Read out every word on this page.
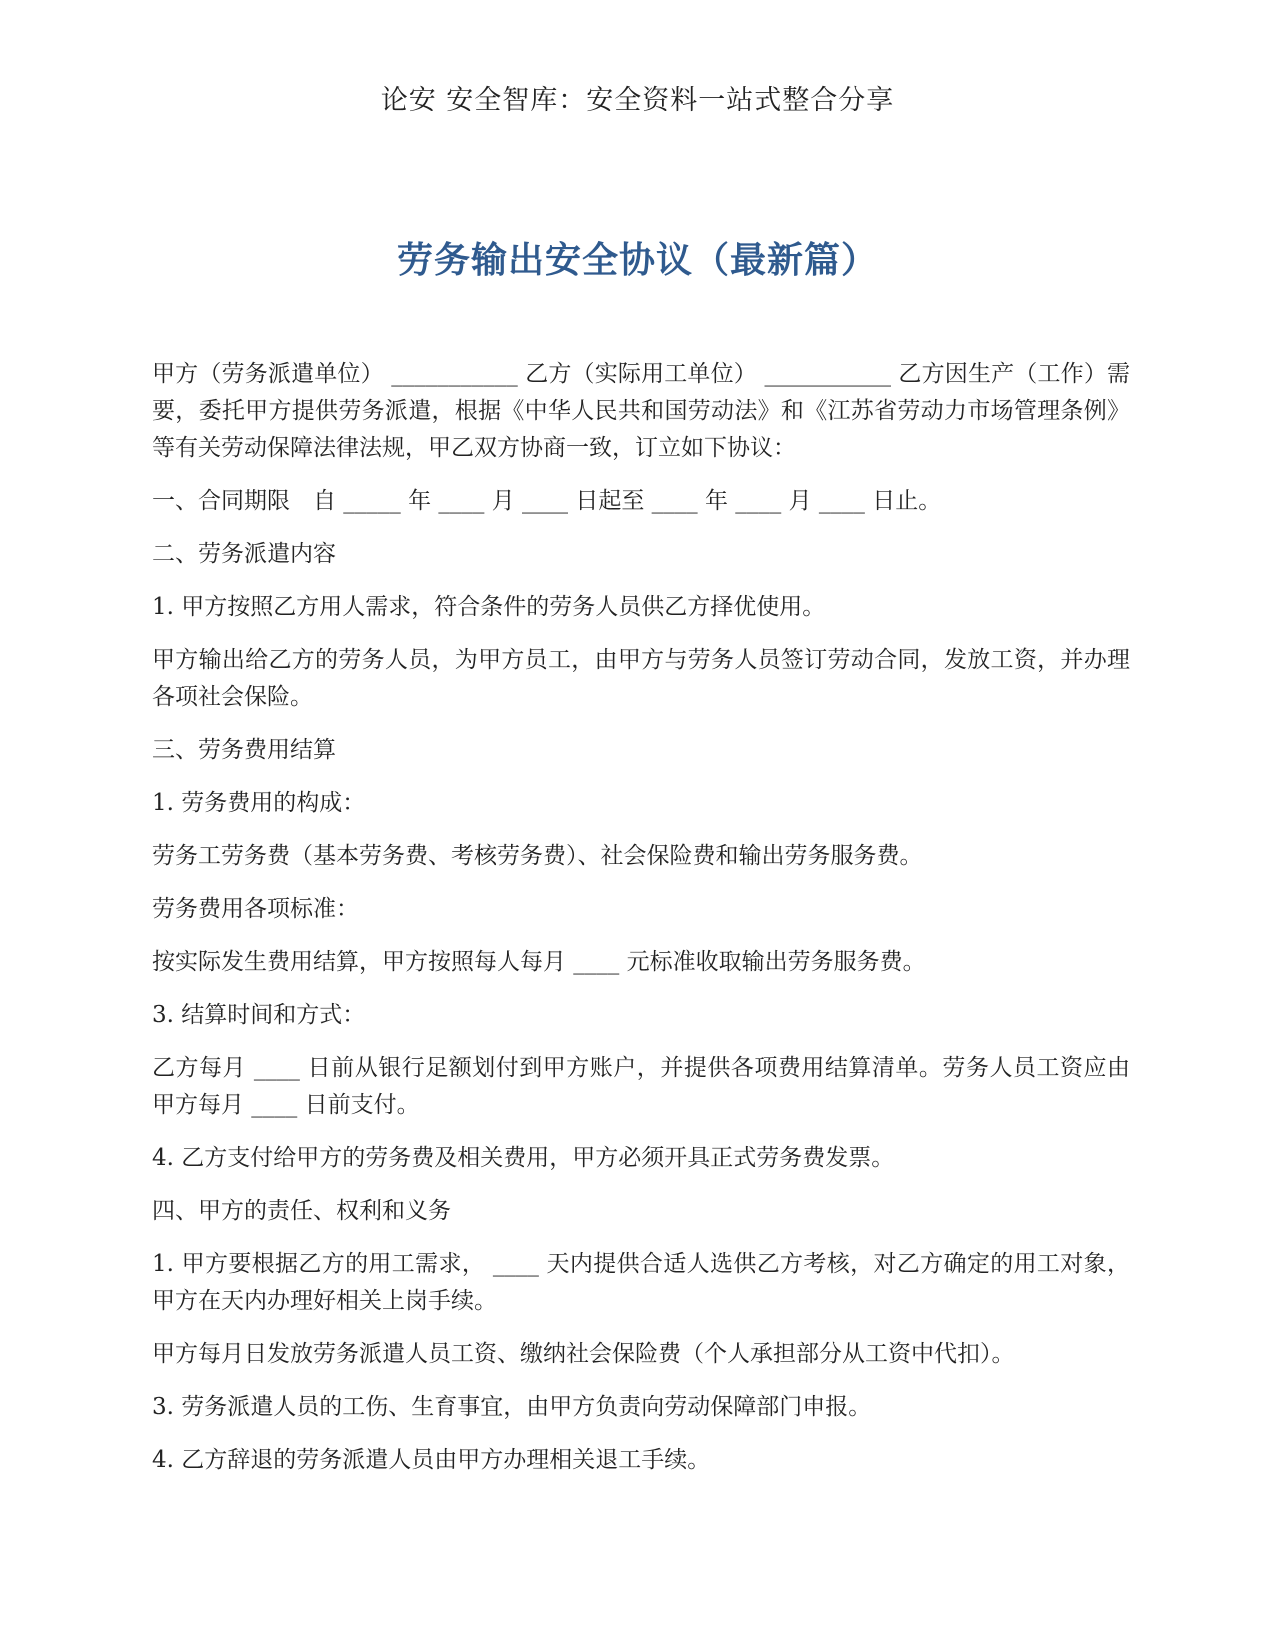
论安 安全智库：安全资料一站式整合分享
劳务输出安全协议（最新篇）

甲方（劳务派遣单位） ___________ 乙方（实际用工单位） ___________ 乙方因生产（工作）需要，委托甲方提供劳务派遣，根据《中华人民共和国劳动法》和《江苏省劳动力市场管理条例》等有关劳动保障法律法规，甲乙双方协商一致，订立如下协议：

一、合同期限　自 _____ 年 ____ 月 ____ 日起至 ____ 年 ____ 月 ____ 日止。

二、劳务派遣内容

1. 甲方按照乙方用人需求，符合条件的劳务人员供乙方择优使用。

甲方输出给乙方的劳务人员，为甲方员工，由甲方与劳务人员签订劳动合同，发放工资，并办理各项社会保险。

三、劳务费用结算

1. 劳务费用的构成：

劳务工劳务费（基本劳务费、考核劳务费）、社会保险费和输出劳务服务费。

劳务费用各项标准：

按实际发生费用结算，甲方按照每人每月 ____ 元标准收取输出劳务服务费。

3. 结算时间和方式：

乙方每月 ____ 日前从银行足额划付到甲方账户，并提供各项费用结算清单。劳务人员工资应由甲方每月 ____ 日前支付。

4. 乙方支付给甲方的劳务费及相关费用，甲方必须开具正式劳务费发票。

四、甲方的责任、权利和义务

1. 甲方要根据乙方的用工需求， ____ 天内提供合适人选供乙方考核，对乙方确定的用工对象，甲方在天内办理好相关上岗手续。

甲方每月日发放劳务派遣人员工资、缴纳社会保险费（个人承担部分从工资中代扣）。

3. 劳务派遣人员的工伤、生育事宜，由甲方负责向劳动保障部门申报。

4. 乙方辞退的劳务派遣人员由甲方办理相关退工手续。
